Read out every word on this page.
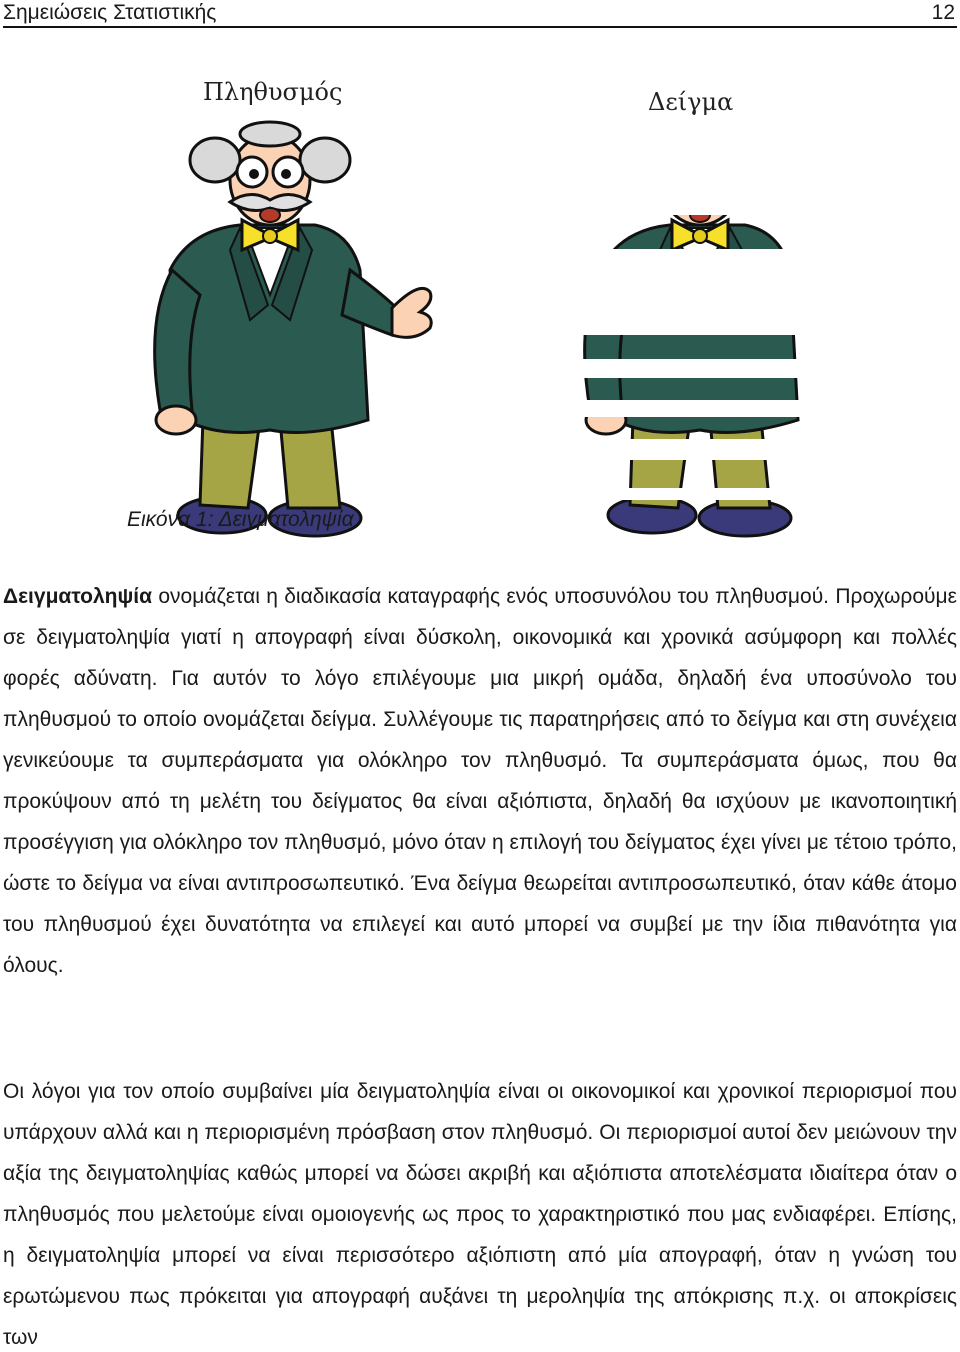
Σημειώσεις Στατιστικής	12
Πληθυσμός	Δείγμα
Εικόνα 1: Δειγματοληψία

Δειγματοληψία ονομάζεται η διαδικασία καταγραφής ενός υποσυνόλου του πληθυσμού. Προχωρούμε σε δειγματοληψία γιατί η απογραφή είναι δύσκολη, οικονομικά και χρονικά ασύμφορη και πολλές φορές αδύνατη. Για αυτόν το λόγο επιλέγουμε μια μικρή ομάδα, δηλαδή ένα υποσύνολο του πληθυσμού το οποίο ονομάζεται δείγμα. Συλλέγουμε τις παρατηρήσεις από το δείγμα και στη συνέχεια γενικεύουμε τα συμπεράσματα για ολόκληρο τον πληθυσμό. Τα συμπεράσματα όμως, που θα προκύψουν από τη μελέτη του δείγματος θα είναι αξιόπιστα, δηλαδή θα ισχύουν με ικανοποιητική προσέγγιση για ολόκληρο τον πληθυσμό, μόνο όταν η επιλογή του δείγματος έχει γίνει με τέτοιο τρόπο, ώστε το δείγμα να είναι αντιπροσωπευτικό. Ένα δείγμα θεωρείται αντιπροσωπευτικό, όταν κάθε άτομο του πληθυσμού έχει δυνατότητα να επιλεγεί και αυτό μπορεί να συμβεί με την ίδια πιθανότητα για όλους.

Οι λόγοι για τον οποίο συμβαίνει μία δειγματοληψία είναι οι οικονομικοί και χρονικοί περιορισμοί που υπάρχουν αλλά και η περιορισμένη πρόσβαση στον πληθυσμό. Οι περιορισμοί αυτοί δεν μειώνουν την αξία της δειγματοληψίας καθώς μπορεί να δώσει ακριβή και αξιόπιστα αποτελέσματα ιδιαίτερα όταν ο πληθυσμός που μελετούμε είναι ομοιογενής ως προς το χαρακτηριστικό που μας ενδιαφέρει. Επίσης, η δειγματοληψία μπορεί να είναι περισσότερο αξιόπιστη από μία απογραφή, όταν η γνώση του ερωτώμενου πως πρόκειται για απογραφή αυξάνει τη μεροληψία της απόκρισης π.χ. οι αποκρίσεις των
